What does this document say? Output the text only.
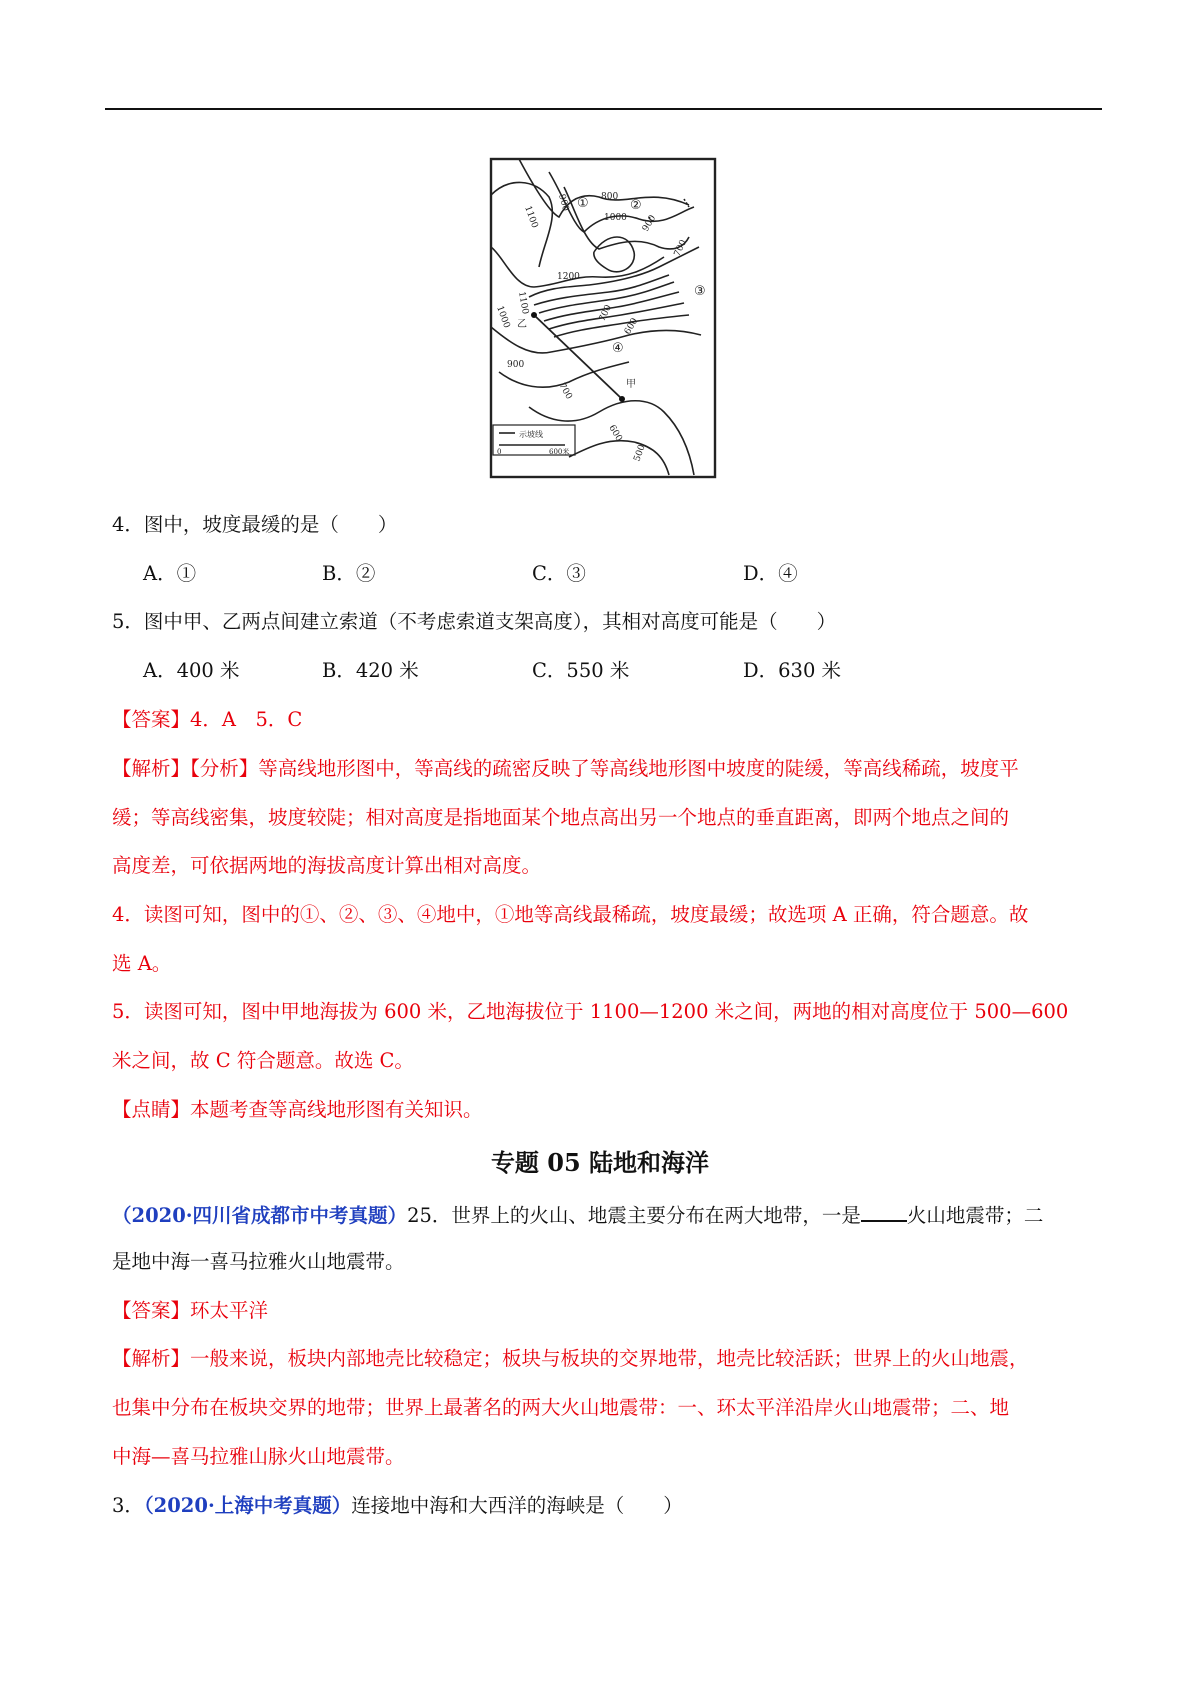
900	800
1000 900
700
1100
1200
1100
1000
900
700
600
700
600
500
乙
甲
示坡线
0	600米
①	②
③
④
4．图中，坡度最缓的是（　　）
A．①	B．②	C．③	D．④
5．图中甲、乙两点间建立索道（不考虑索道支架高度），其相对高度可能是（　　）
A．400 米	B．420 米	C．550 米	D．630 米
【答案】4．A　5．C
【解析】【分析】等高线地形图中，等高线的疏密反映了等高线地形图中坡度的陡缓，等高线稀疏，坡度平
缓；等高线密集，坡度较陡；相对高度是指地面某个地点高出另一个地点的垂直距离，即两个地点之间的
高度差，可依据两地的海拔高度计算出相对高度。
4．读图可知，图中的①、②、③、④地中，①地等高线最稀疏，坡度最缓；故选项 A 正确，符合题意。故
选 A。
5．读图可知，图中甲地海拔为 600 米，乙地海拔位于 1100—1200 米之间，两地的相对高度位于 500—600
米之间，故 C 符合题意。故选 C。
【点睛】本题考查等高线地形图有关知识。
专题 05 陆地和海洋
（2020·四川省成都市中考真题）25．世界上的火山、地震主要分布在两大地带，一是 火山地震带；二
是地中海一喜马拉雅火山地震带。
【答案】环太平洋
【解析】一般来说，板块内部地壳比较稳定；板块与板块的交界地带，地壳比较活跃；世界上的火山地震，
也集中分布在板块交界的地带；世界上最著名的两大火山地震带：一、环太平洋沿岸火山地震带；二、地
中海—喜马拉雅山脉火山地震带。
3．（2020·上海中考真题）连接地中海和大西洋的海峡是（　　）
